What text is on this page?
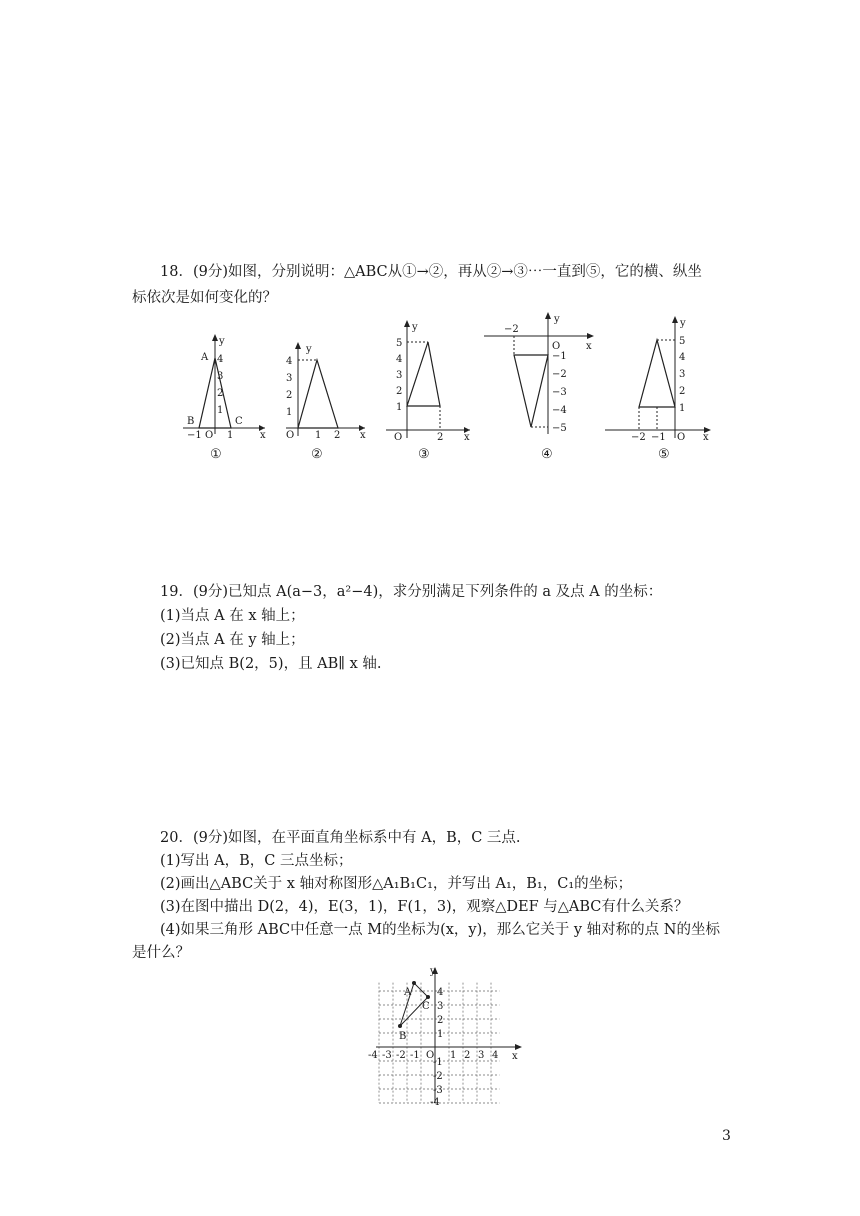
18．(9分)如图，分别说明：△ABC从①→②，再从②→③⋯一直到⑤，它的横、纵坐
标依次是如何变化的？
y
x
A
B	C
O
4
3
2
1
−1	1
y
x
O
4
3
2
1
1 2
y
x
O
5
4
3
2
1
2
y
x
O
−2
−1
−2
−3
−4
−5
y
x
O
5
4
3
2
1
−2 −1
①	②	③	④	⑤
19．(9分)已知点 A(a−3，a²−4)，求分别满足下列条件的 a 及点 A 的坐标：
(1)当点 A 在 x 轴上；
(2)当点 A 在 y 轴上；
(3)已知点 B(2，5)，且 AB∥ x 轴.
20．(9分)如图，在平面直角坐标系中有 A，B，C 三点.
(1)写出 A，B，C 三点坐标；
(2)画出△ABC关于 x 轴对称图形△A₁B₁C₁，并写出 A₁，B₁，C₁的坐标；
(3)在图中描出 D(2，4)，E(3，1)，F(1，3)，观察△DEF 与△ABC有什么关系？
(4)如果三角形 ABC中任意一点 M的坐标为(x，y)，那么它关于 y 轴对称的点 N的坐标
是什么？
y
x
A
B
C
O
-4 -3 -2 -1	1 2 3 4
4
3
2
1
-1
-2
-3
-4
3
